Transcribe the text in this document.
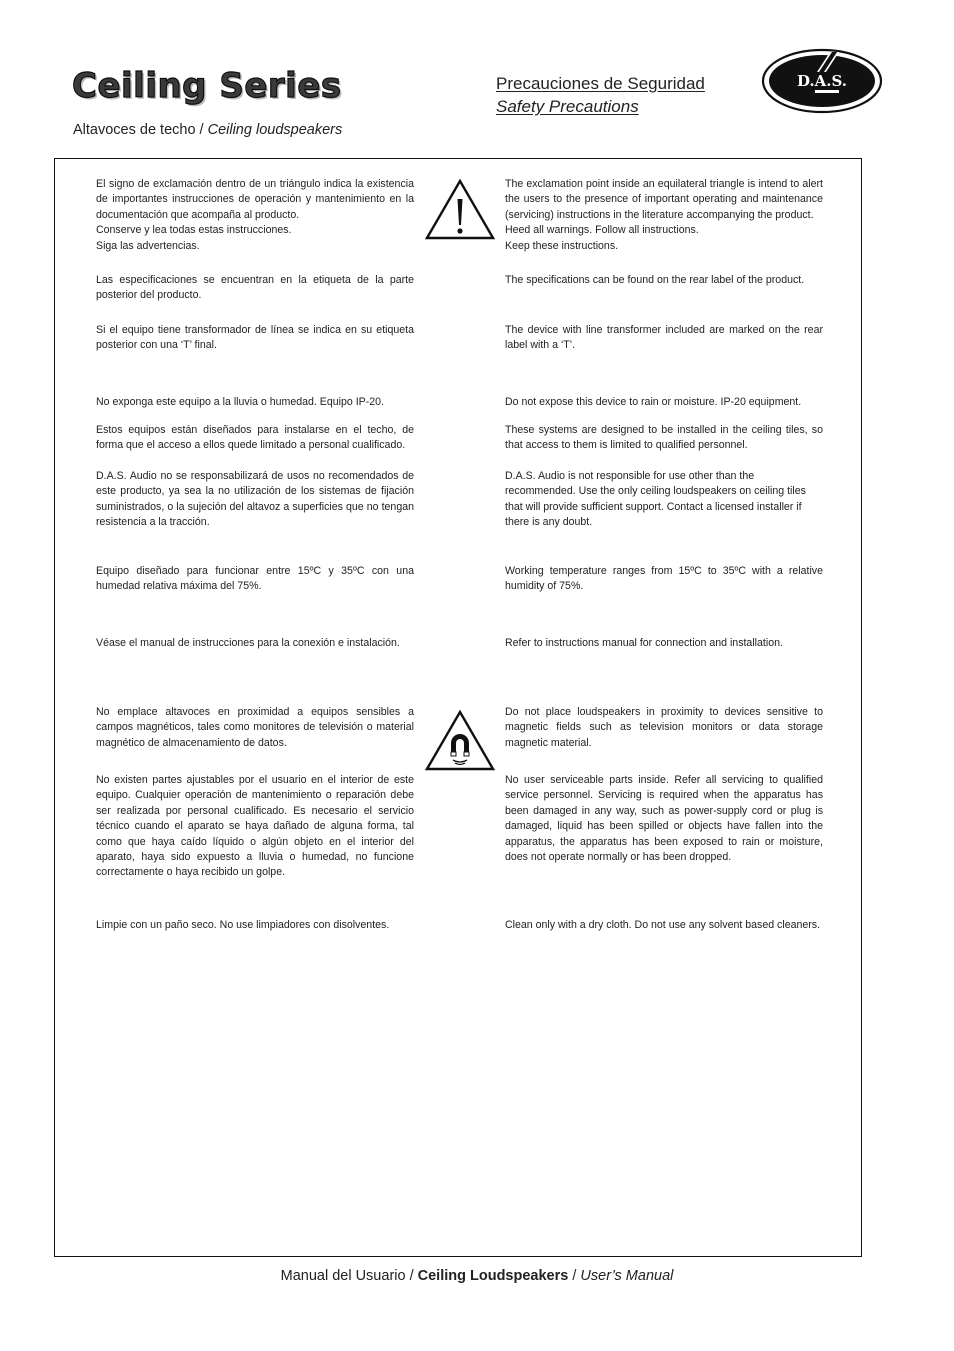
Ceiling Series
Altavoces de techo / Ceiling loudspeakers
Precauciones de Seguridad
Safety Precautions
D.A.S.

El signo de exclamación dentro de un triángulo indica la existencia de importantes instrucciones de operación y mantenimiento en la documentación que acompaña al producto.
Conserve y lea todas estas instrucciones.
Siga las advertencias.

Las especificaciones se encuentran en la etiqueta de la parte posterior del producto.

Si el equipo tiene transformador de línea se indica en su etiqueta posterior con una ‘T’ final.

No exponga este equipo a la lluvia o humedad. Equipo IP-20.

Estos equipos están diseñados para instalarse en el techo, de forma que el acceso a ellos quede limitado a personal cualificado.

D.A.S. Audio no se responsabilizará de usos no recomendados de este producto, ya sea la no utilización de los sistemas de fijación suministrados, o la sujeción del altavoz a superficies que no tengan resistencia a la tracción.

Equipo diseñado para funcionar entre 15ºC y 35ºC con una humedad relativa máxima del 75%.

Véase el manual de instrucciones para la conexión e instalación.

No emplace altavoces en proximidad a equipos sensibles a campos magnéticos, tales como monitores de televisión o material magnético de almacenamiento de datos.

No existen partes ajustables por el usuario en el interior de este equipo. Cualquier operación de mantenimiento o reparación debe ser realizada por personal cualificado. Es necesario el servicio técnico cuando el aparato se haya dañado de alguna forma, tal como que haya caído líquido o algún objeto en el interior del aparato, haya sido expuesto a lluvia o humedad, no funcione correctamente o haya recibido un golpe.

Limpie con un paño seco. No use limpiadores con disolventes.

The exclamation point inside an equilateral triangle is intend to alert the users to the presence of important operating and maintenance (servicing) instructions in the literature accompanying the product.
Heed all warnings. Follow all instructions.
Keep these instructions.

The specifications can be found on the rear label of the product.

The device with line transformer included are marked on the rear label with a ‘T’.

Do not expose this device to rain or moisture. IP-20 equipment.

These systems are designed to be installed in the ceiling tiles, so that access to them is limited to qualified personnel.

D.A.S. Audio is not responsible for use other than the recommended. Use the only ceiling loudspeakers on ceiling tiles that will provide sufficient support. Contact a licensed installer if there is any doubt.

Working temperature ranges from 15ºC to 35ºC with a relative humidity of 75%.

Refer to instructions manual for connection and installation.

Do not place loudspeakers in proximity to devices sensitive to magnetic fields such as television monitors or data storage magnetic material.

No user serviceable parts inside. Refer all servicing to qualified service personnel. Servicing is required when the apparatus has been damaged in any way, such as power-supply cord or plug is damaged, liquid has been spilled or objects have fallen into the apparatus, the apparatus has been exposed to rain or moisture, does not operate normally or has been dropped.

Clean only with a dry cloth. Do not use any solvent based cleaners.

Manual del Usuario / Ceiling Loudspeakers / User’s Manual
